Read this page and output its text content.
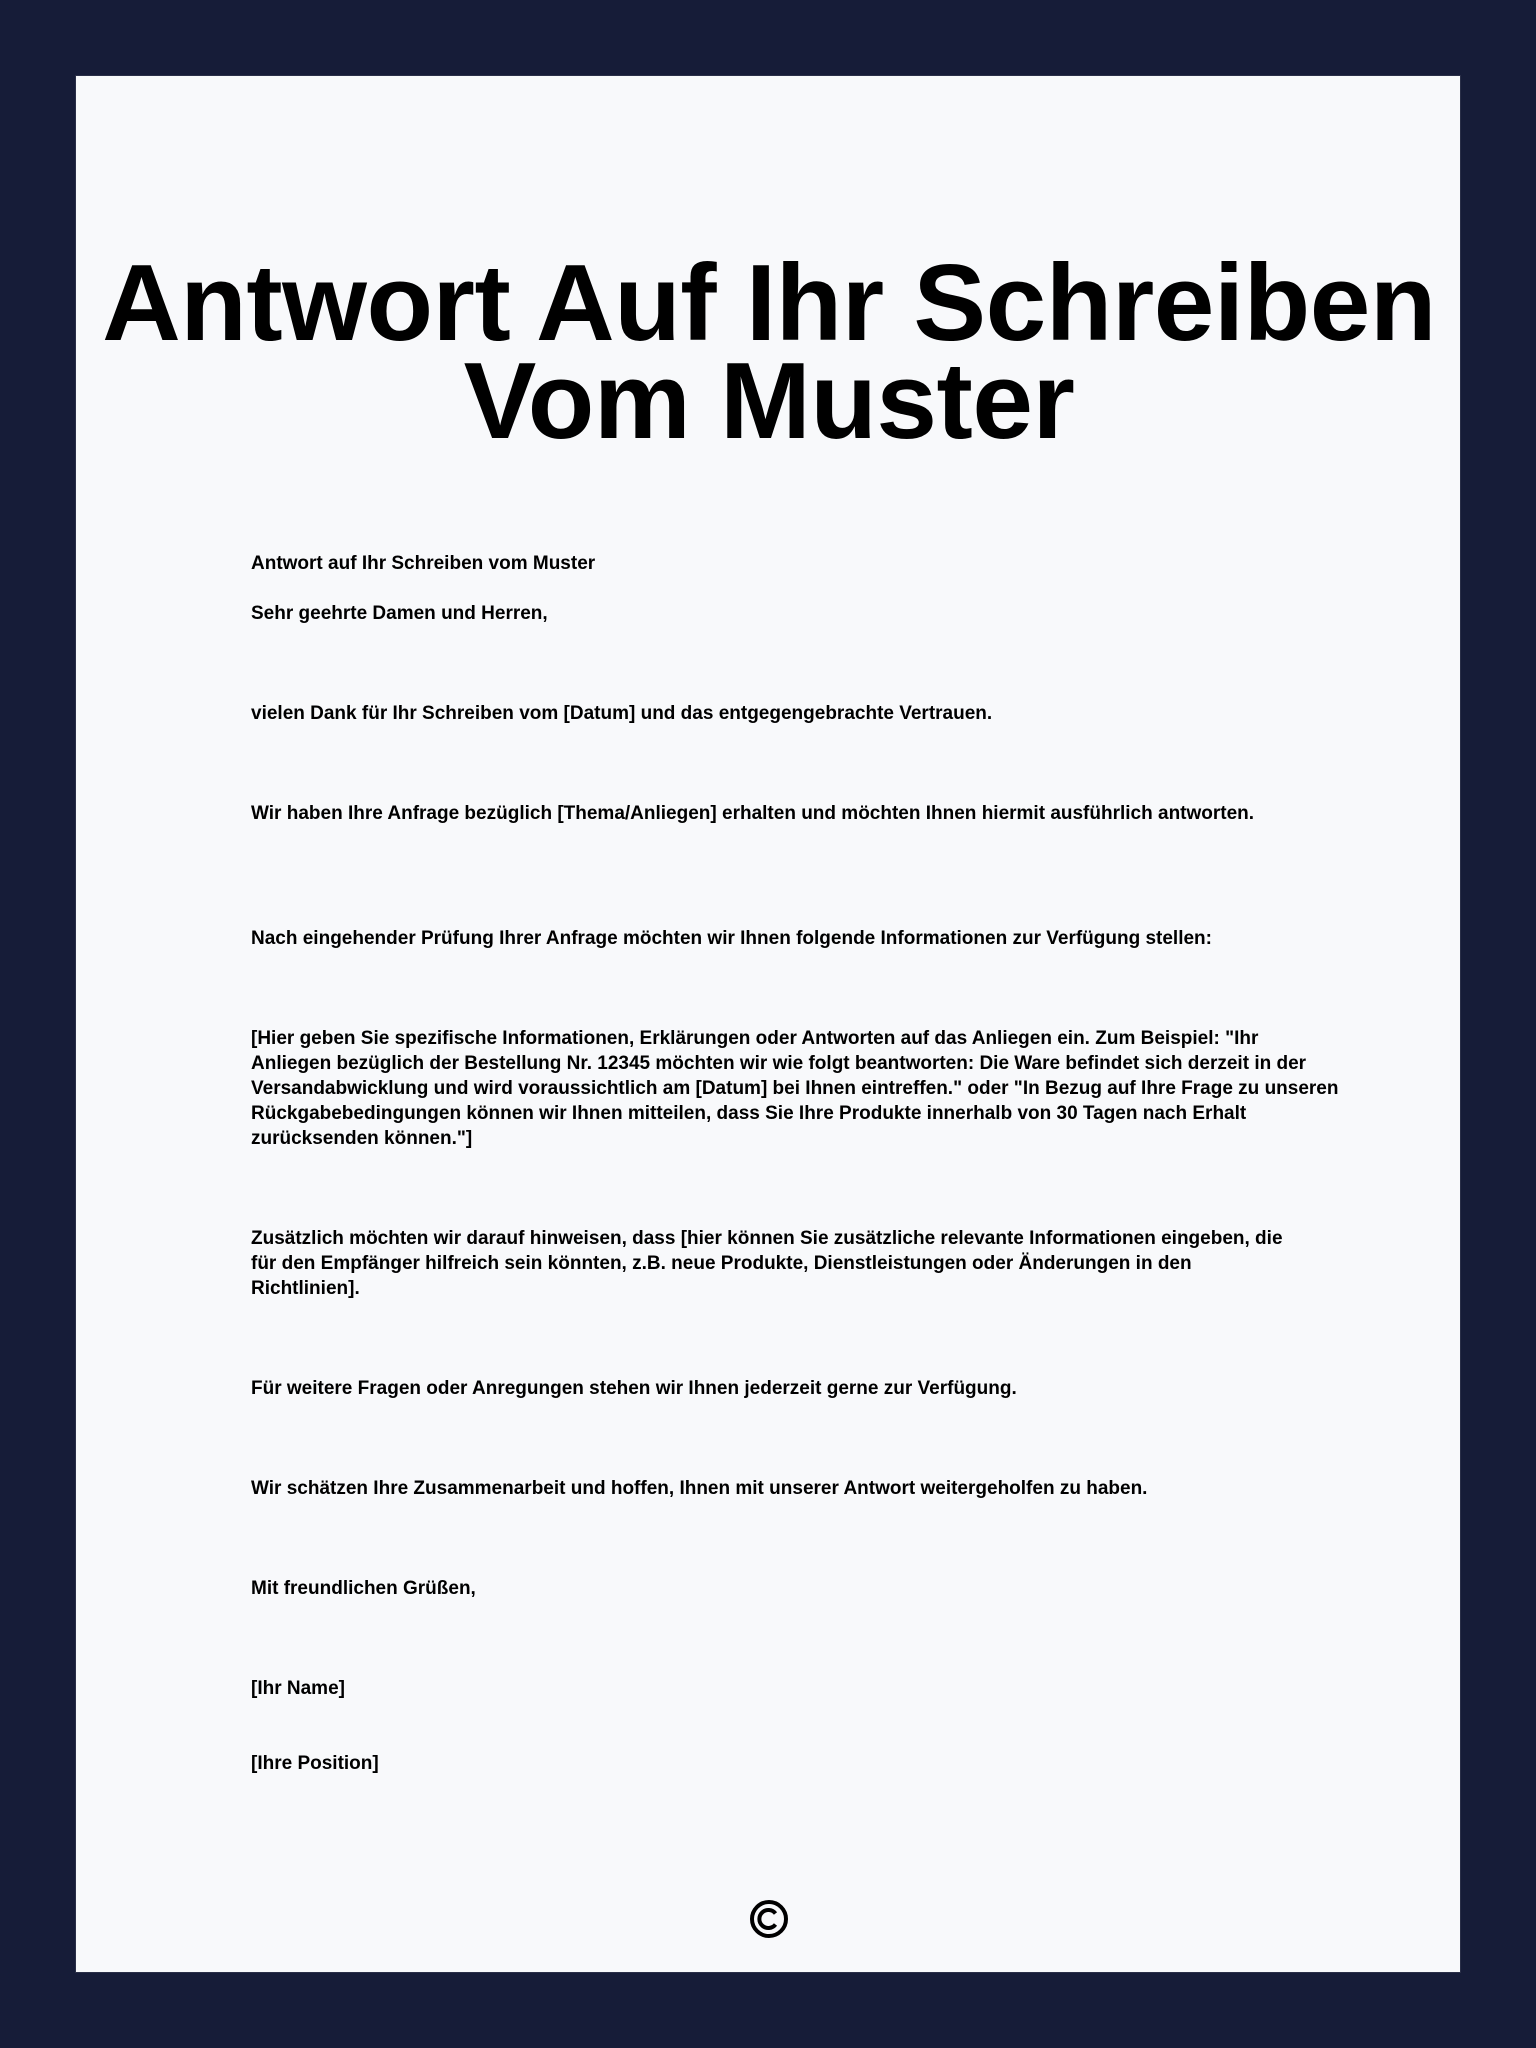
Antwort Auf Ihr Schreiben Vom Muster

Antwort auf Ihr Schreiben vom Muster

Sehr geehrte Damen und Herren,

vielen Dank für Ihr Schreiben vom [Datum] und das entgegengebrachte Vertrauen.

Wir haben Ihre Anfrage bezüglich [Thema/Anliegen] erhalten und möchten Ihnen hiermit ausführlich antworten.

Nach eingehender Prüfung Ihrer Anfrage möchten wir Ihnen folgende Informationen zur Verfügung stellen:

[Hier geben Sie spezifische Informationen, Erklärungen oder Antworten auf das Anliegen ein. Zum Beispiel: "Ihr Anliegen bezüglich der Bestellung Nr. 12345 möchten wir wie folgt beantworten: Die Ware befindet sich derzeit in der Versandabwicklung und wird voraussichtlich am [Datum] bei Ihnen eintreffen." oder "In Bezug auf Ihre Frage zu unseren Rückgabebedingungen können wir Ihnen mitteilen, dass Sie Ihre Produkte innerhalb von 30 Tagen nach Erhalt zurücksenden können."]

Zusätzlich möchten wir darauf hinweisen, dass [hier können Sie zusätzliche relevante Informationen eingeben, die für den Empfänger hilfreich sein könnten, z.B. neue Produkte, Dienstleistungen oder Änderungen in den Richtlinien].

Für weitere Fragen oder Anregungen stehen wir Ihnen jederzeit gerne zur Verfügung.

Wir schätzen Ihre Zusammenarbeit und hoffen, Ihnen mit unserer Antwort weitergeholfen zu haben.

Mit freundlichen Grüßen,

[Ihr Name]

[Ihre Position]
